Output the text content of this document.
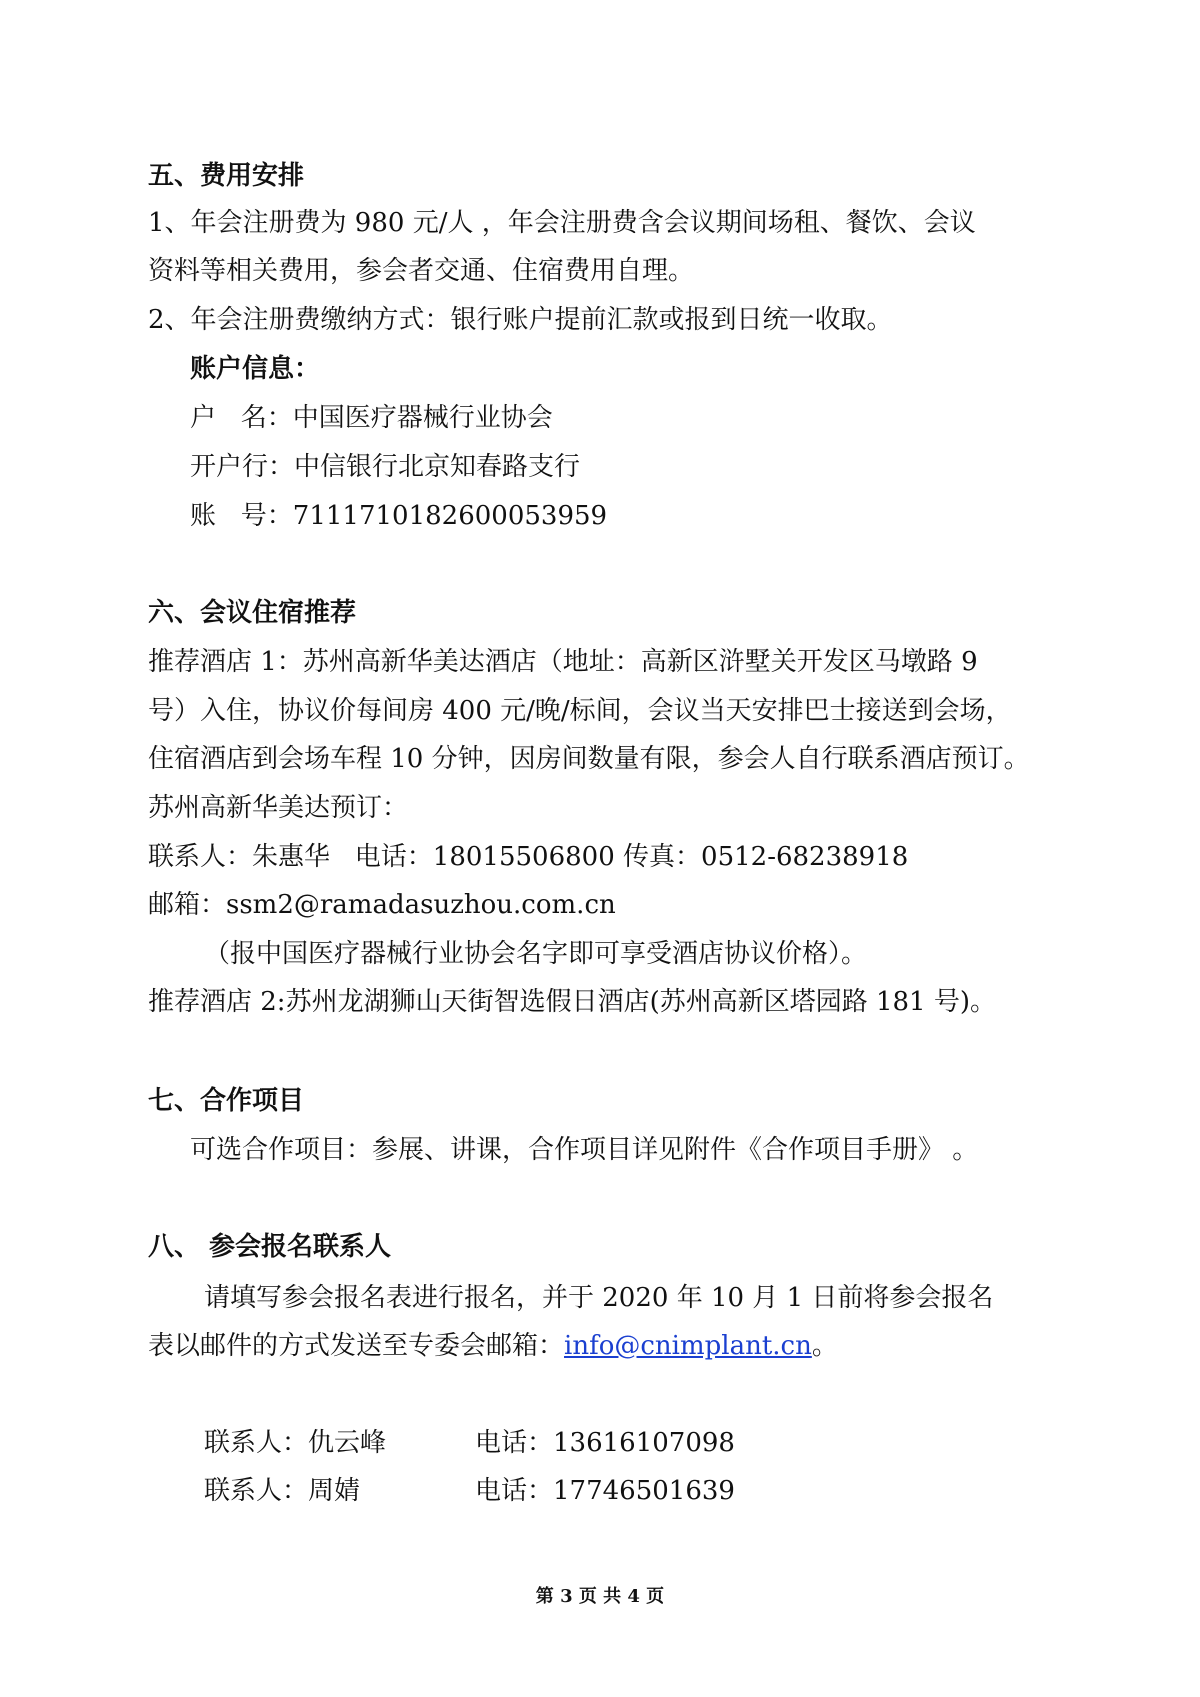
五、费用安排
1、年会注册费为 980 元/人 ，年会注册费含会议期间场租、餐饮、会议
资料等相关费用，参会者交通、住宿费用自理。
2、年会注册费缴纳方式：银行账户提前汇款或报到日统一收取。
账户信息：
户   名：中国医疗器械行业协会
开户行：中信银行北京知春路支行
账   号：7111710182600053959
六、会议住宿推荐
推荐酒店 1：苏州高新华美达酒店（地址：高新区浒墅关开发区马墩路 9
号）入住，协议价每间房 400 元/晚/标间，会议当天安排巴士接送到会场，
住宿酒店到会场车程 10 分钟，因房间数量有限，参会人自行联系酒店预订。
苏州高新华美达预订：
联系人：朱惠华   电话：18015506800 传真：0512-68238918
邮箱：ssm2@ramadasuzhou.com.cn
（报中国医疗器械行业协会名字即可享受酒店协议价格）。
推荐酒店 2:苏州龙湖狮山天街智选假日酒店(苏州高新区塔园路 181 号)。
七、合作项目
可选合作项目：参展、讲课，合作项目详见附件《合作项目手册》 。
八、 参会报名联系人
请填写参会报名表进行报名，并于 2020 年 10 月 1 日前将参会报名
表以邮件的方式发送至专委会邮箱：info@cnimplant.cn。
联系人：仇云峰	电话：13616107098
联系人：周婧	电话：17746501639
第 3 页 共 4 页
